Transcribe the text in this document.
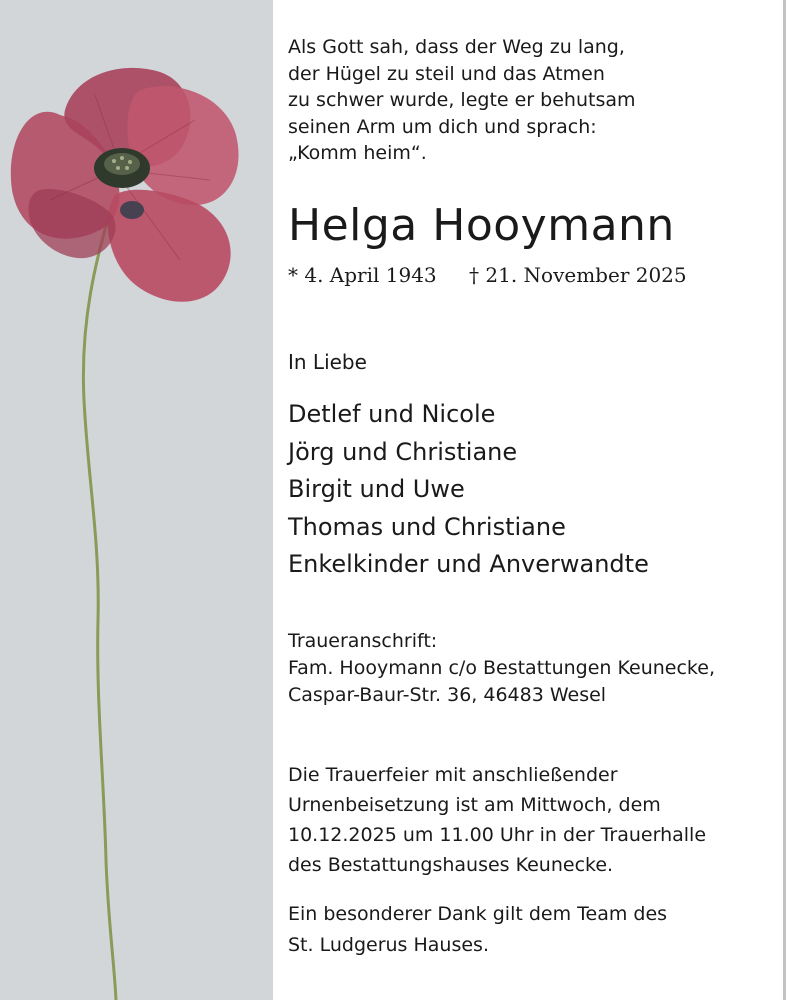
Als Gott sah, dass der Weg zu lang,
der Hügel zu steil und das Atmen
zu schwer wurde, legte er behutsam
seinen Arm um dich und sprach:
„Komm heim“.
Helga Hooymann
* 4. April 1943 † 21. November 2025
In Liebe
Detlef und Nicole
Jörg und Christiane
Birgit und Uwe
Thomas und Christiane
Enkelkinder und Anverwandte
Traueranschrift:
Fam. Hooymann c/o Bestattungen Keunecke,
Caspar-Baur-Str. 36, 46483 Wesel
Die Trauerfeier mit anschließender
Urnenbeisetzung ist am Mittwoch, dem
10.12.2025 um 11.00 Uhr in der Trauerhalle
des Bestattungshauses Keunecke.
Ein besonderer Dank gilt dem Team des
St. Ludgerus Hauses.
